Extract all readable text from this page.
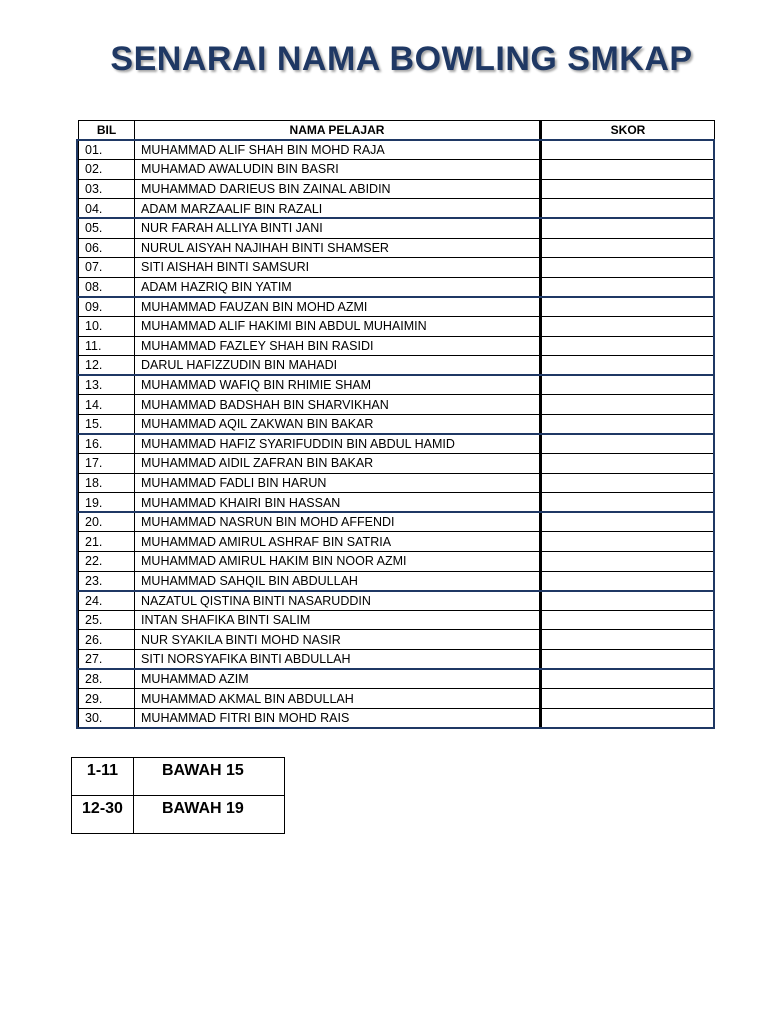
SENARAI NAMA BOWLING SMKAP
BIL	NAMA PELAJAR	SKOR
01.	MUHAMMAD ALIF SHAH BIN MOHD RAJA	
02.	MUHAMAD AWALUDIN BIN BASRI	
03.	MUHAMMAD DARIEUS BIN ZAINAL ABIDIN	
04.	ADAM MARZAALIF BIN RAZALI	
05.	NUR FARAH ALLIYA BINTI JANI	
06.	NURUL AISYAH NAJIHAH BINTI SHAMSER	
07.	SITI AISHAH BINTI SAMSURI	
08.	ADAM HAZRIQ BIN YATIM	
09.	MUHAMMAD FAUZAN BIN MOHD AZMI	
10.	MUHAMMAD ALIF HAKIMI BIN ABDUL MUHAIMIN	
11.	MUHAMMAD FAZLEY SHAH BIN RASIDI	
12.	DARUL HAFIZZUDIN BIN MAHADI	
13.	MUHAMMAD WAFIQ BIN RHIMIE SHAM	
14.	MUHAMMAD BADSHAH BIN SHARVIKHAN	
15.	MUHAMMAD AQIL ZAKWAN BIN BAKAR	
16.	MUHAMMAD HAFIZ SYARIFUDDIN BIN ABDUL HAMID	
17.	MUHAMMAD AIDIL ZAFRAN BIN BAKAR	
18.	MUHAMMAD FADLI BIN HARUN	
19.	MUHAMMAD KHAIRI BIN HASSAN	
20.	MUHAMMAD NASRUN BIN MOHD AFFENDI	
21.	MUHAMMAD AMIRUL ASHRAF BIN SATRIA	
22.	MUHAMMAD AMIRUL HAKIM BIN NOOR AZMI	
23.	MUHAMMAD SAHQIL BIN ABDULLAH	
24.	NAZATUL QISTINA BINTI NASARUDDIN	
25.	INTAN SHAFIKA BINTI SALIM	
26.	NUR SYAKILA BINTI MOHD NASIR	
27.	SITI NORSYAFIKA BINTI ABDULLAH	
28.	MUHAMMAD AZIM	
29.	MUHAMMAD AKMAL BIN ABDULLAH	
30.	MUHAMMAD FITRI BIN MOHD RAIS	
1-11	BAWAH 15
12-30	BAWAH 19
